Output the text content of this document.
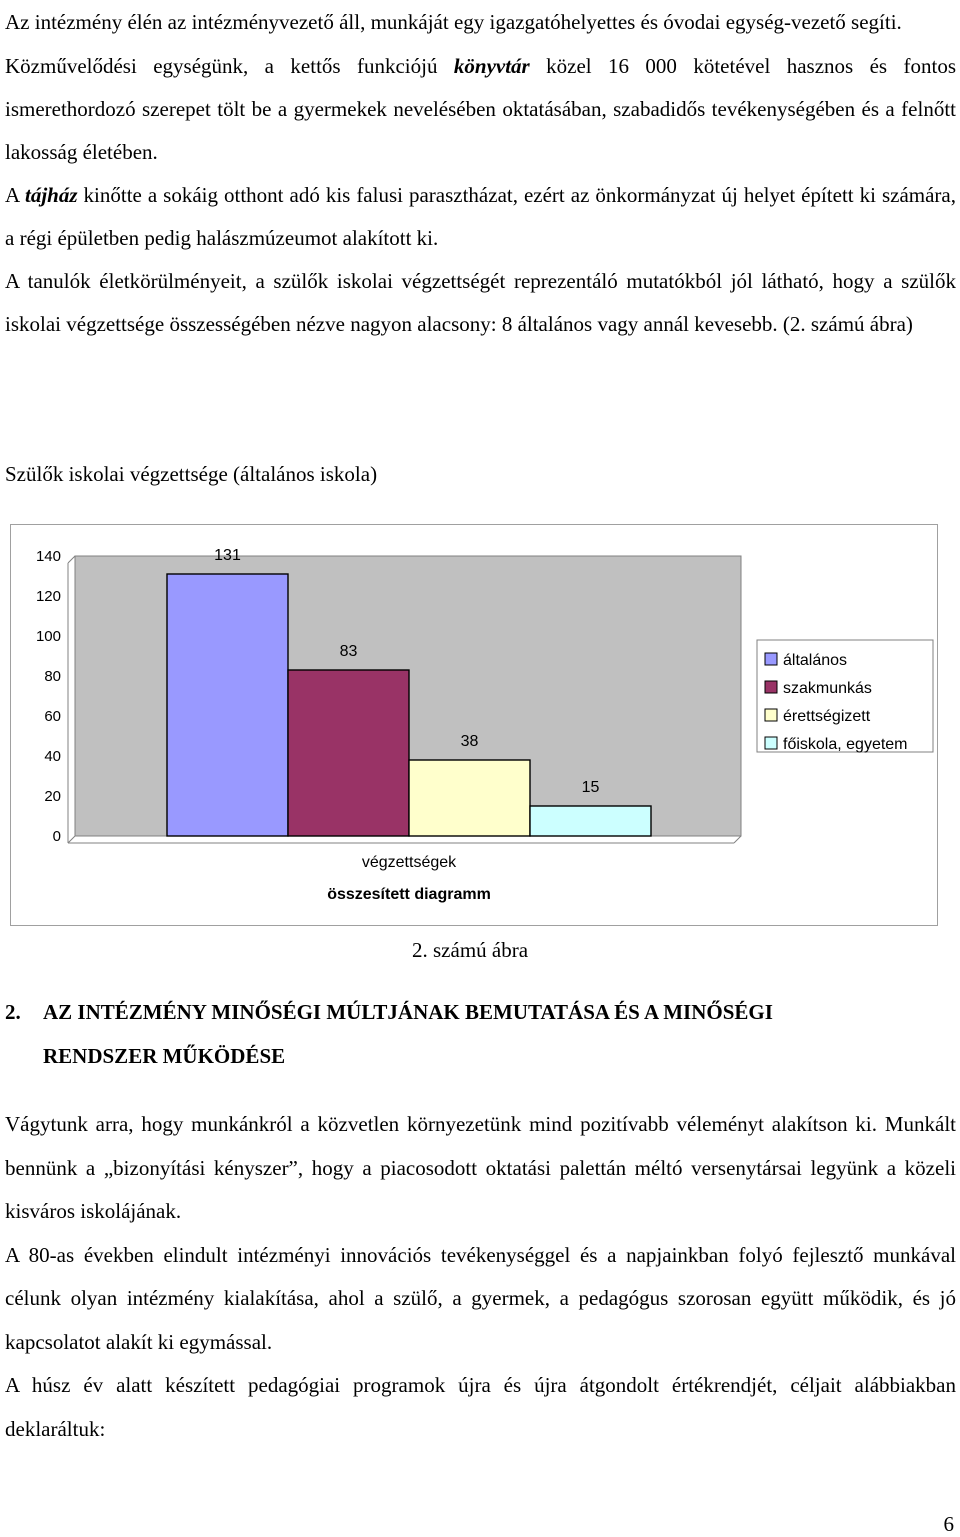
Az intézmény élén az intézményvezető áll, munkáját egy igazgatóhelyettes és óvodai egység-vezető segíti.

Közművelődési egységünk, a kettős funkciójú könyvtár közel 16 000 kötetével hasznos és fontos ismerethordozó szerepet tölt be a gyermekek nevelésében oktatásában, szabadidős tevékenységében és a felnőtt lakosság életében.

A tájház kinőtte a sokáig otthont adó kis falusi parasztházat, ezért az önkormányzat új helyet épített ki számára, a régi épületben pedig halászmúzeumot alakított ki.

A tanulók életkörülményeit, a szülők iskolai végzettségét reprezentáló mutatókból jól látható, hogy a szülők iskolai végzettsége összességében nézve nagyon alacsony: 8 általános vagy annál kevesebb. (2. számú ábra)

Szülők iskolai végzettsége (általános iskola)
0
20
40
60
80
100
120
140	131
83
38
15
végzettségek
összesített diagramm
általános
szakmunkás
érettségizett
főiskola, egyetem
2. számú ábra
2. AZ INTÉZMÉNY MINŐSÉGI MÚLTJÁNAK BEMUTATÁSA ÉS A MINŐSÉGI
RENDSZER MŰKÖDÉSE

Vágytunk arra, hogy munkánkról a közvetlen környezetünk mind pozitívabb véleményt alakítson ki. Munkált bennünk a „bizonyítási kényszer”, hogy a piacosodott oktatási palettán méltó versenytársai legyünk a közeli kisváros iskolájának.

A 80-as években elindult intézményi innovációs tevékenységgel és a napjainkban folyó fejlesztő munkával célunk olyan intézmény kialakítása, ahol a szülő, a gyermek, a pedagógus szorosan együtt működik, és jó kapcsolatot alakít ki egymással.

A húsz év alatt készített pedagógiai programok újra és újra átgondolt értékrendjét, céljait alábbiakban deklaráltuk:

6
